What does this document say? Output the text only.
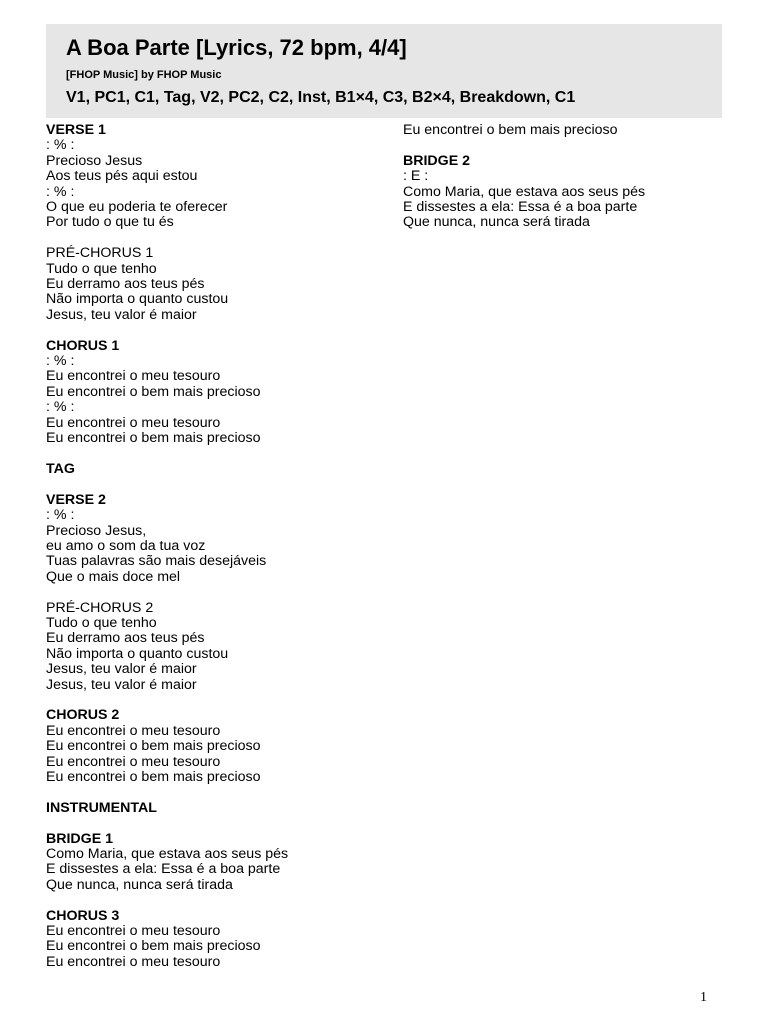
A Boa Parte [Lyrics, 72 bpm, 4/4]
[FHOP Music] by FHOP Music
V1, PC1, C1, Tag, V2, PC2, C2, Inst, B1×4, C3, B2×4, Breakdown, C1
VERSE 1
: % :
Precioso Jesus
Aos teus pés aqui estou
: % :
O que eu poderia te oferecer
Por tudo o que tu és
PRÉ-CHORUS 1
Tudo o que tenho
Eu derramo aos teus pés
Não importa o quanto custou
Jesus, teu valor é maior
CHORUS 1
: % :
Eu encontrei o meu tesouro
Eu encontrei o bem mais precioso
: % :
Eu encontrei o meu tesouro
Eu encontrei o bem mais precioso
TAG
VERSE 2
: % :
Precioso Jesus,
eu amo o som da tua voz
Tuas palavras são mais desejáveis
Que o mais doce mel
PRÉ-CHORUS 2
Tudo o que tenho
Eu derramo aos teus pés
Não importa o quanto custou
Jesus, teu valor é maior
Jesus, teu valor é maior
CHORUS 2
Eu encontrei o meu tesouro
Eu encontrei o bem mais precioso
Eu encontrei o meu tesouro
Eu encontrei o bem mais precioso
INSTRUMENTAL
BRIDGE 1
Como Maria, que estava aos seus pés
E dissestes a ela: Essa é a boa parte
Que nunca, nunca será tirada
CHORUS 3
Eu encontrei o meu tesouro
Eu encontrei o bem mais precioso
Eu encontrei o meu tesouro
Eu encontrei o bem mais precioso
BRIDGE 2
: E :
Como Maria, que estava aos seus pés
E dissestes a ela: Essa é a boa parte
Que nunca, nunca será tirada
1
